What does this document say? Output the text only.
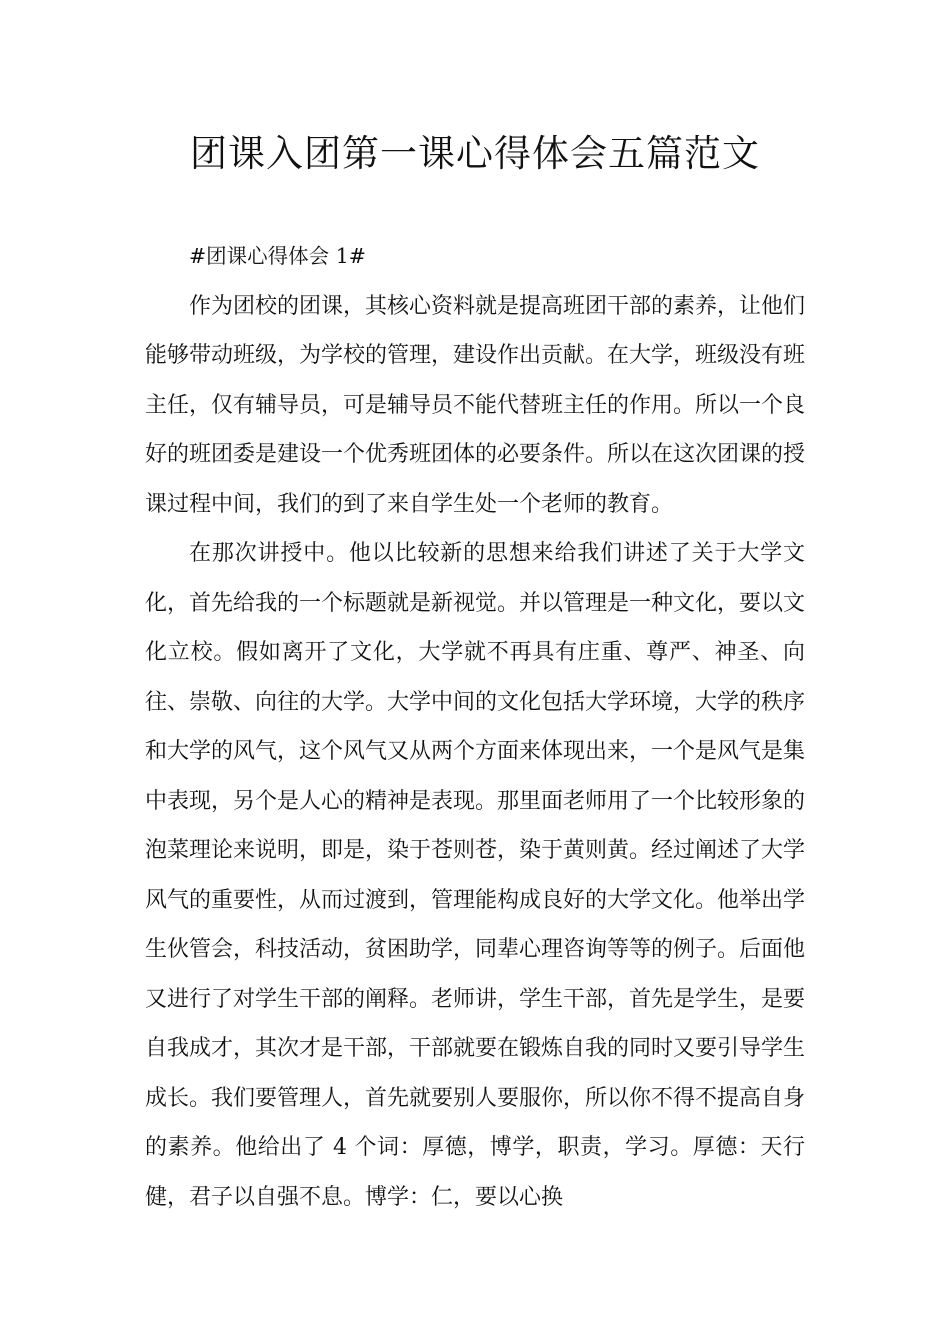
团课入团第一课心得体会五篇范文

#团课心得体会 1#

作为团校的团课，其核心资料就是提高班团干部的素养，让他们能够带动班级，为学校的管理，建设作出贡献。在大学，班级没有班主任，仅有辅导员，可是辅导员不能代替班主任的作用。所以一个良好的班团委是建设一个优秀班团体的必要条件。所以在这次团课的授课过程中间，我们的到了来自学生处一个老师的教育。

在那次讲授中。他以比较新的思想来给我们讲述了关于大学文化，首先给我的一个标题就是新视觉。并以管理是一种文化，要以文化立校。假如离开了文化，大学就不再具有庄重、尊严、神圣、向往、崇敬、向往的大学。大学中间的文化包括大学环境，大学的秩序和大学的风气，这个风气又从两个方面来体现出来，一个是风气是集中表现，另个是人心的精神是表现。那里面老师用了一个比较形象的泡菜理论来说明，即是，染于苍则苍，染于黄则黄。经过阐述了大学风气的重要性，从而过渡到，管理能构成良好的大学文化。他举出学生伙管会，科技活动，贫困助学，同辈心理咨询等等的例子。后面他又进行了对学生干部的阐释。老师讲，学生干部，首先是学生，是要自我成才，其次才是干部，干部就要在锻炼自我的同时又要引导学生成长。我们要管理人，首先就要别人要服你，所以你不得不提高自身的素养。他给出了 4 个词：厚德，博学，职责，学习。厚德：天行健，君子以自强不息。博学：仁，要以心换
